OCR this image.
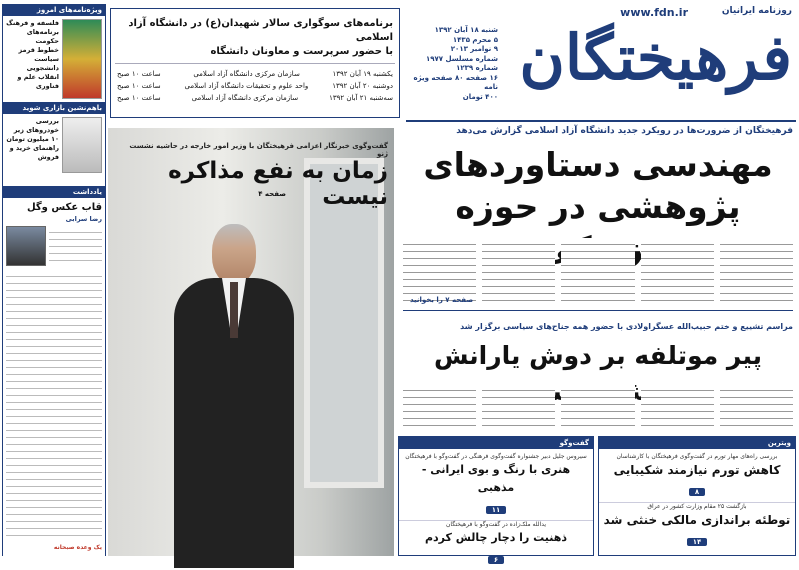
روزنامه ایرانیان
www.fdn.ir
فرهیختگان
شنبه ۱۸ آبان ۱۳۹۲
۵ محرم ۱۴۳۵
۹ نوامبر ۲۰۱۳
شماره مسلسل ۱۹۷۷
شماره ۱۲۳۹
۱۶ صفحه ۸۰ صفحه ویژه نامه
۴۰۰ تومان
برنامه‌های سوگواری سالار شهیدان(ع) در دانشگاه آزاد اسلامی
با حضور سرپرست و معاونان دانشگاه
یکشنبه ۱۹ آبان ۱۳۹۲
سازمان مرکزی دانشگاه آزاد اسلامی
ساعت ۱۰ صبح
دوشنبه ۲۰ آبان ۱۳۹۲
واحد علوم و تحقیقات دانشگاه آزاد اسلامی
ساعت ۱۰ صبح
سه‌شنبه ۲۱ آبان ۱۳۹۲
سازمان مرکزی دانشگاه آزاد اسلامی
ساعت ۱۰ صبح
ویژه‌نامه‌های امروز
فلسفه و فرهنگ
برنامه‌های حکومت
خطوط قرمز سیاست
دانشجویی
انقلاب علم و فناوری
باهم‌نشین بازاری شوید
بررسی خودروهای زیر ۱۰ میلیون تومان
راهنمای خرید و فروش
یادداشت
قاب عکس وگل
رضا سرابی
یک وعده صبحانه
فرهیختگان از ضرورت‌ها در رویکرد جدید دانشگاه آزاد اسلامی گزارش می‌دهد
مهندسی دستاوردهای
پژوهشی در حوزه
صفحه ۷ را بخوانید
گفت‌وگوی خبرنگار اعزامی فرهیختگان با وزیر امور خارجه در حاشیه نشست ژنو
زمان به نفع مذاکره نیست
صفحه ۴
مراسم تشییع و ختم حبیب‌الله عسگراولادی با حضور همه جناح‌های سیاسی برگزار شد
پیر موتلفه بر دوش یارانش شد
ویترین
بررسی راه‌های مهار تورم در گفت‌وگوی فرهیختگان با کارشناسان
کاهش تورم نیازمند شکیبایی
۸
بازگشت ۲۵ مقام وزارت کشور در عراق
توطئه براندازی مالکی خنثی شد
۱۴
گفت‌وگو
سیروس جلیل دبیر جشنواره گفت‌وگوی فرهنگی در گفت‌وگو با فرهیختگان
هنری با رنگ و بوی ایرانی - مذهبی
۱۱
یدالله ملک‌زاده در گفت‌وگو با فرهیختگان
ذهنیت را دچار چالش کردم
۶
